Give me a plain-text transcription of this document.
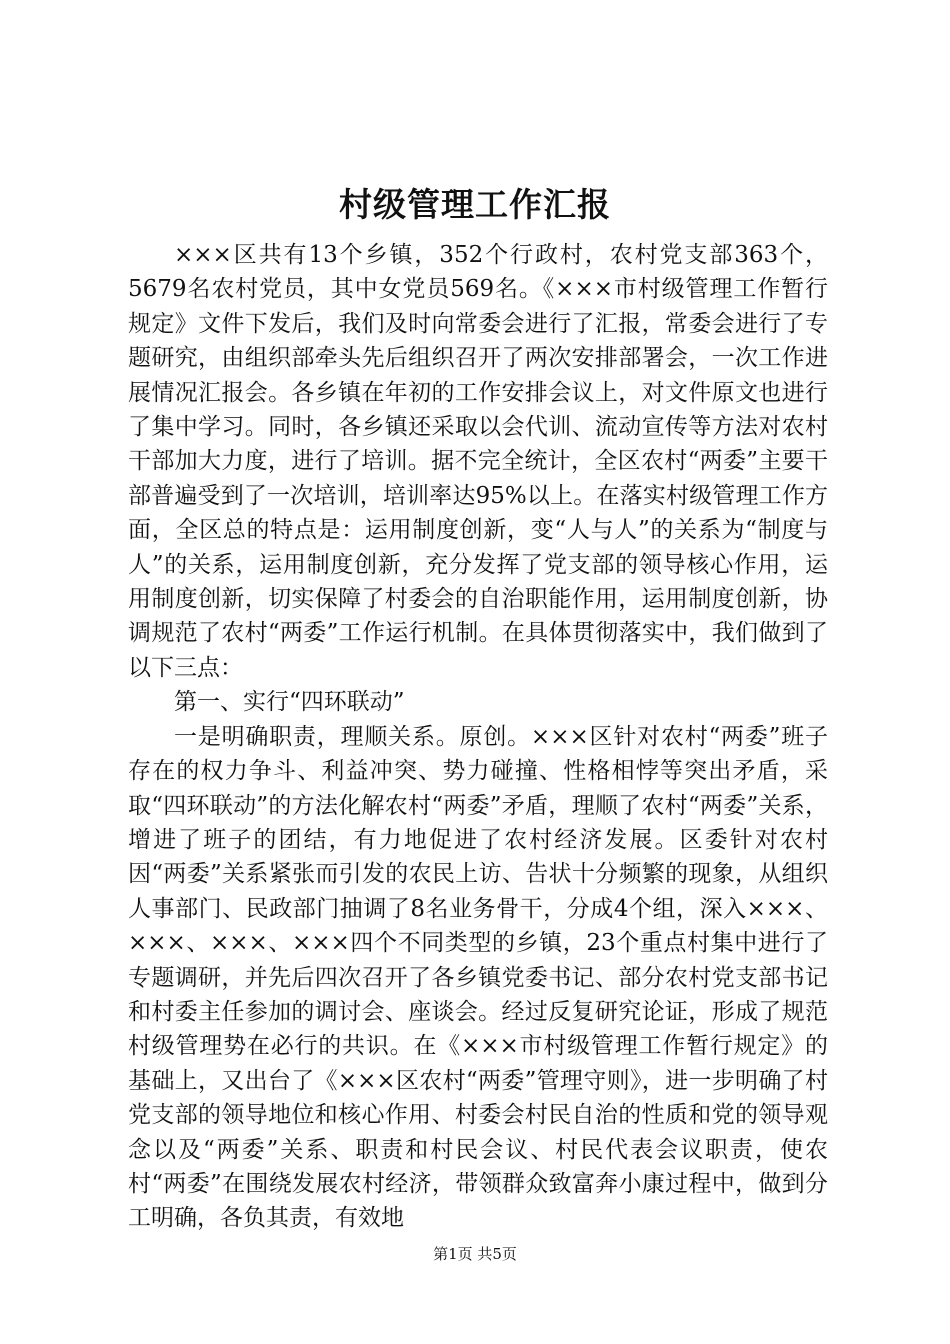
村级管理工作汇报

×××区共有13个乡镇，352个行政村，农村党支部363个，5679名农村党员，其中女党员569名。《×××市村级管理工作暂行规定》文件下发后，我们及时向常委会进行了汇报，常委会进行了专题研究，由组织部牵头先后组织召开了两次安排部署会，一次工作进展情况汇报会。各乡镇在年初的工作安排会议上，对文件原文也进行了集中学习。同时，各乡镇还采取以会代训、流动宣传等方法对农村干部加大力度，进行了培训。据不完全统计，全区农村“两委”主要干部普遍受到了一次培训，培训率达95%以上。在落实村级管理工作方面，全区总的特点是：运用制度创新，变“人与人”的关系为“制度与人”的关系，运用制度创新，充分发挥了党支部的领导核心作用，运用制度创新，切实保障了村委会的自治职能作用，运用制度创新，协调规范了农村“两委”工作运行机制。在具体贯彻落实中，我们做到了以下三点：

第一、实行“四环联动”

一是明确职责，理顺关系。原创。×××区针对农村“两委”班子存在的权力争斗、利益冲突、势力碰撞、性格相悖等突出矛盾，采取“四环联动”的方法化解农村“两委”矛盾，理顺了农村“两委”关系，增进了班子的团结，有力地促进了农村经济发展。区委针对农村因“两委”关系紧张而引发的农民上访、告状十分频繁的现象，从组织人事部门、民政部门抽调了8名业务骨干，分成4个组，深入×××、×××、×××、×××四个不同类型的乡镇，23个重点村集中进行了专题调研，并先后四次召开了各乡镇党委书记、部分农村党支部书记和村委主任参加的调讨会、座谈会。经过反复研究论证，形成了规范村级管理势在必行的共识。在《×××市村级管理工作暂行规定》的基础上，又出台了《×××区农村“两委”管理守则》，进一步明确了村党支部的领导地位和核心作用、村委会村民自治的性质和党的领导观念以及“两委”关系、职责和村民会议、村民代表会议职责，使农村“两委”在围绕发展农村经济，带领群众致富奔小康过程中，做到分工明确，各负其责，有效地

第1页 共5页
